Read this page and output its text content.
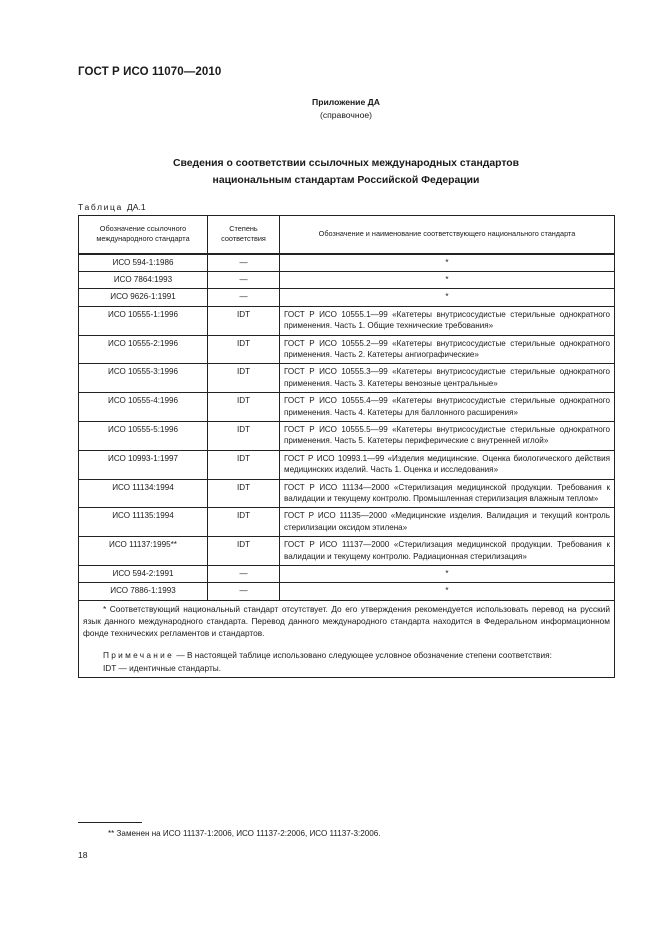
ГОСТ Р ИСО 11070—2010
Приложение ДА
(справочное)
Сведения о соответствии ссылочных международных стандартов
национальным стандартам Российской Федерации
Таблица ДА.1
Обозначение ссылочного международного стандарта	Степень соответствия	Обозначение и наименование соответствующего национального стандарта
ИСО 594-1:1986	—	*
ИСО 7864:1993	—	*
ИСО 9626-1:1991	—	*
ИСО 10555-1:1996	IDT	ГОСТ Р ИСО 10555.1—99 «Катетеры внутрисосудистые стерильные однократного применения. Часть 1. Общие технические требования»
ИСО 10555-2:1996	IDT	ГОСТ Р ИСО 10555.2—99 «Катетеры внутрисосудистые стерильные однократного применения. Часть 2. Катетеры ангиографические»
ИСО 10555-3:1996	IDT	ГОСТ Р ИСО 10555.3—99 «Катетеры внутрисосудистые стерильные однократного применения. Часть 3. Катетеры венозные центральные»
ИСО 10555-4:1996	IDT	ГОСТ Р ИСО 10555.4—99 «Катетеры внутрисосудистые стерильные однократного применения. Часть 4. Катетеры для баллонного расширения»
ИСО 10555-5:1996	IDT	ГОСТ Р ИСО 10555.5—99 «Катетеры внутрисосудистые стерильные однократного применения. Часть 5. Катетеры периферические с внутренней иглой»
ИСО 10993-1:1997	IDT	ГОСТ Р ИСО 10993.1—99 «Изделия медицинские. Оценка биологического действия медицинских изделий. Часть 1. Оценка и исследования»
ИСО 11134:1994	IDT	ГОСТ Р ИСО 11134—2000 «Стерилизация медицинской продукции. Требования к валидации и текущему контролю. Промышленная стерилизация влажным теплом»
ИСО 11135:1994	IDT	ГОСТ Р ИСО 11135—2000 «Медицинские изделия. Валидация и текущий контроль стерилизации оксидом этилена»
ИСО 11137:1995**	IDT	ГОСТ Р ИСО 11137—2000 «Стерилизация медицинской продукции. Требования к валидации и текущему контролю. Радиационная стерилизация»
ИСО 594-2:1991	—	*
ИСО 7886-1:1993	—	*

* Соответствующий национальный стандарт отсутствует. До его утверждения рекомендуется использовать перевод на русский язык данного международного стандарта. Перевод данного международного стандарта находится в Федеральном информационном фонде технических регламентов и стандартов.

Примечание — В настоящей таблице использовано следующее условное обозначение степени соответствия:

IDT — идентичные стандарты.		

** Заменен на ИСО 11137-1:2006, ИСО 11137-2:2006, ИСО 11137-3:2006.
18
